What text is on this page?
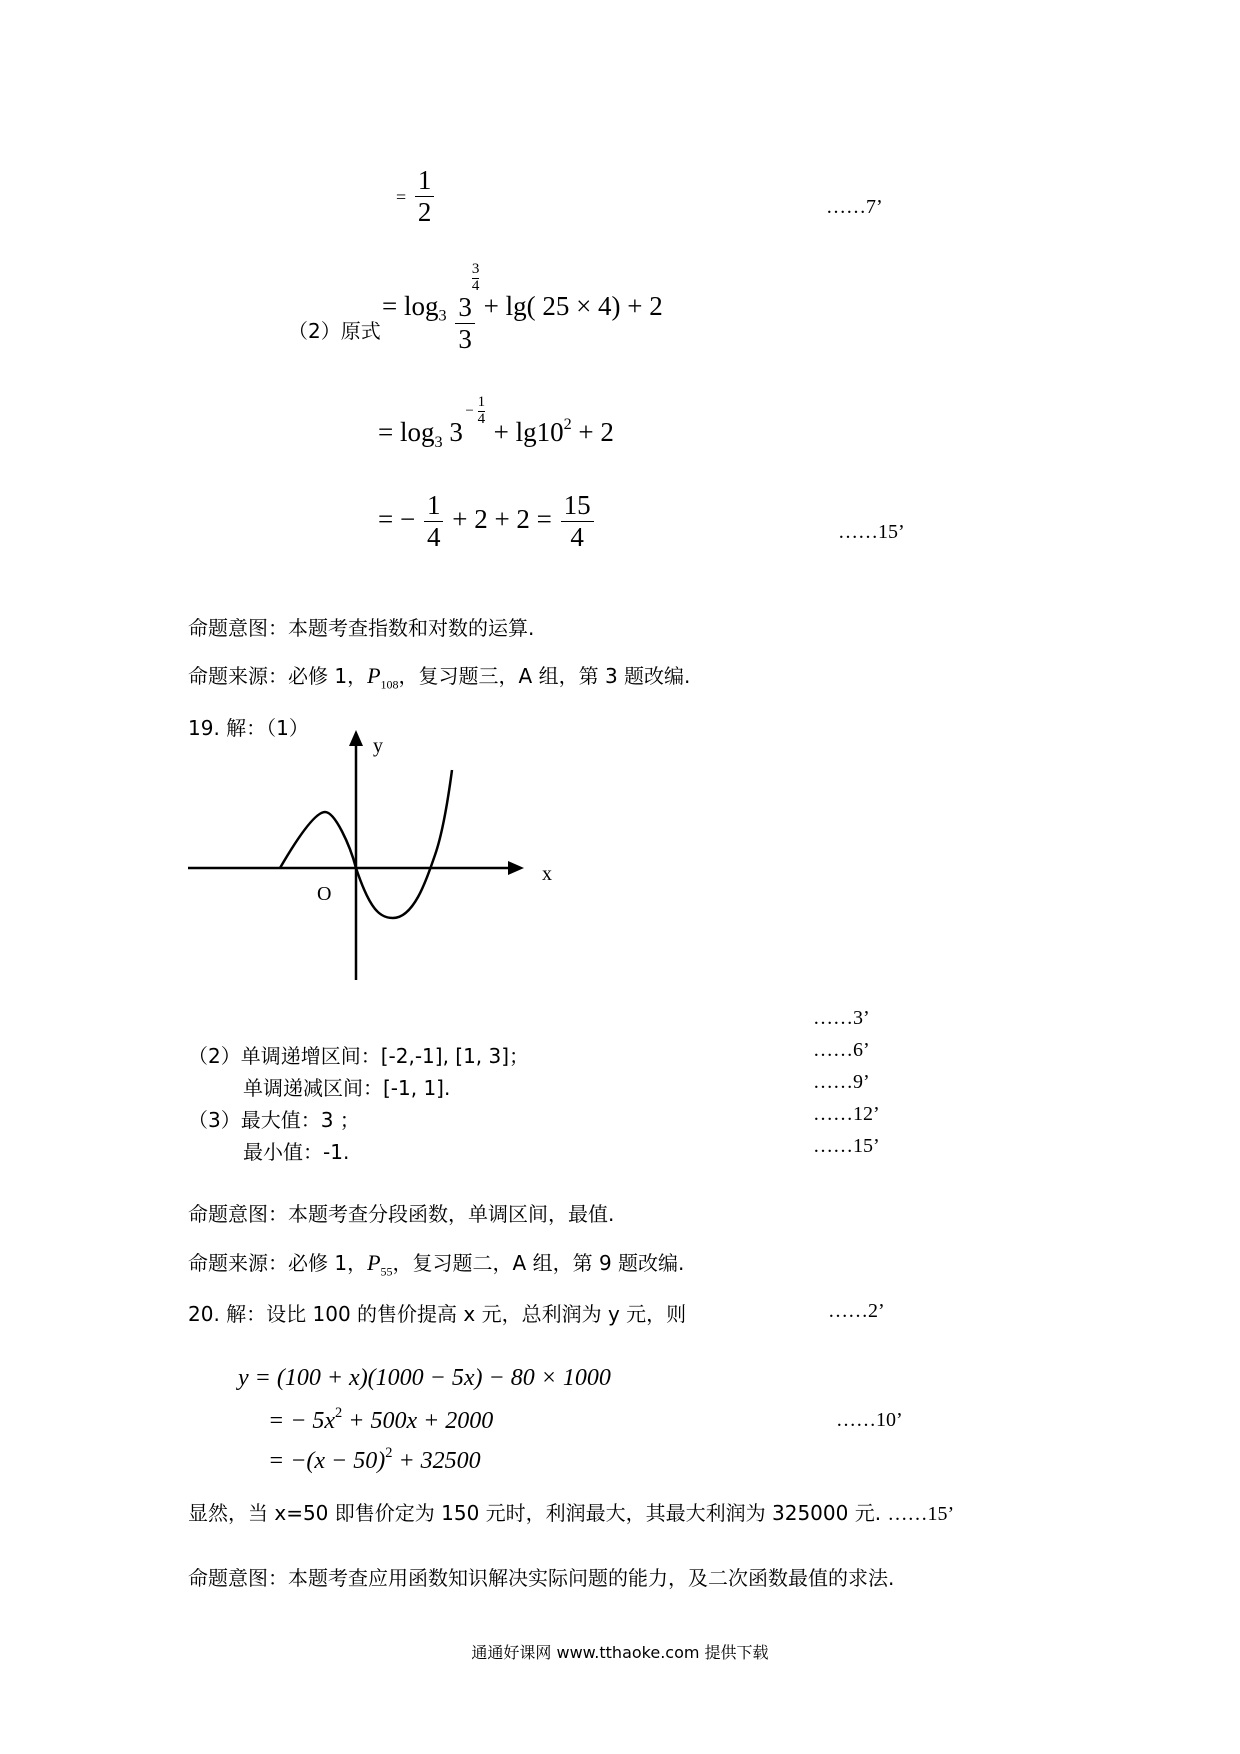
= $\frac{1}{2}$	……7’
（2）原式
= $\log_3 3$
$\frac{3}{4}$
3 + lg( 25 × 4) + 2
= $\log_3 3$
− $\frac{1}{4}$
+ $\lg 10^2 + 2$
= − $\frac{1}{4} + 2 + 2 = \frac{15}{4}$	……15’
命题意图：本题考查指数和对数的运算.
命题来源：必修 1，$P_{108}$，复习题三，A 组，第 3 题改编.
19. 解：（1）
y
x
O
……3’
（2）单调递增区间：[-2,-1], [1, 3]；	……6’
单调递减区间：[-1, 1].	……9’
（3）最大值：3 ；	……12’
最小值：-1.	……15’
命题意图：本题考查分段函数，单调区间，最值.
命题来源：必修 1，$P_{55}$，复习题二，A 组，第 9 题改编.
20. 解：设比 100 的售价提高 x 元，总利润为 y 元，则	……2’
y = (100 + x)(1000 − 5x) − 80 × 1000
= − $5x^2 + 500x + 2000$	……10’
= $-(x - 50)^2 + 32500$
显然，当 x=50 即售价定为 150 元时，利润最大，其最大利润为 325000 元. ……15’
命题意图：本题考查应用函数知识解决实际问题的能力，及二次函数最值的求法.
通通好课网 www.tthaoke.com 提供下载
